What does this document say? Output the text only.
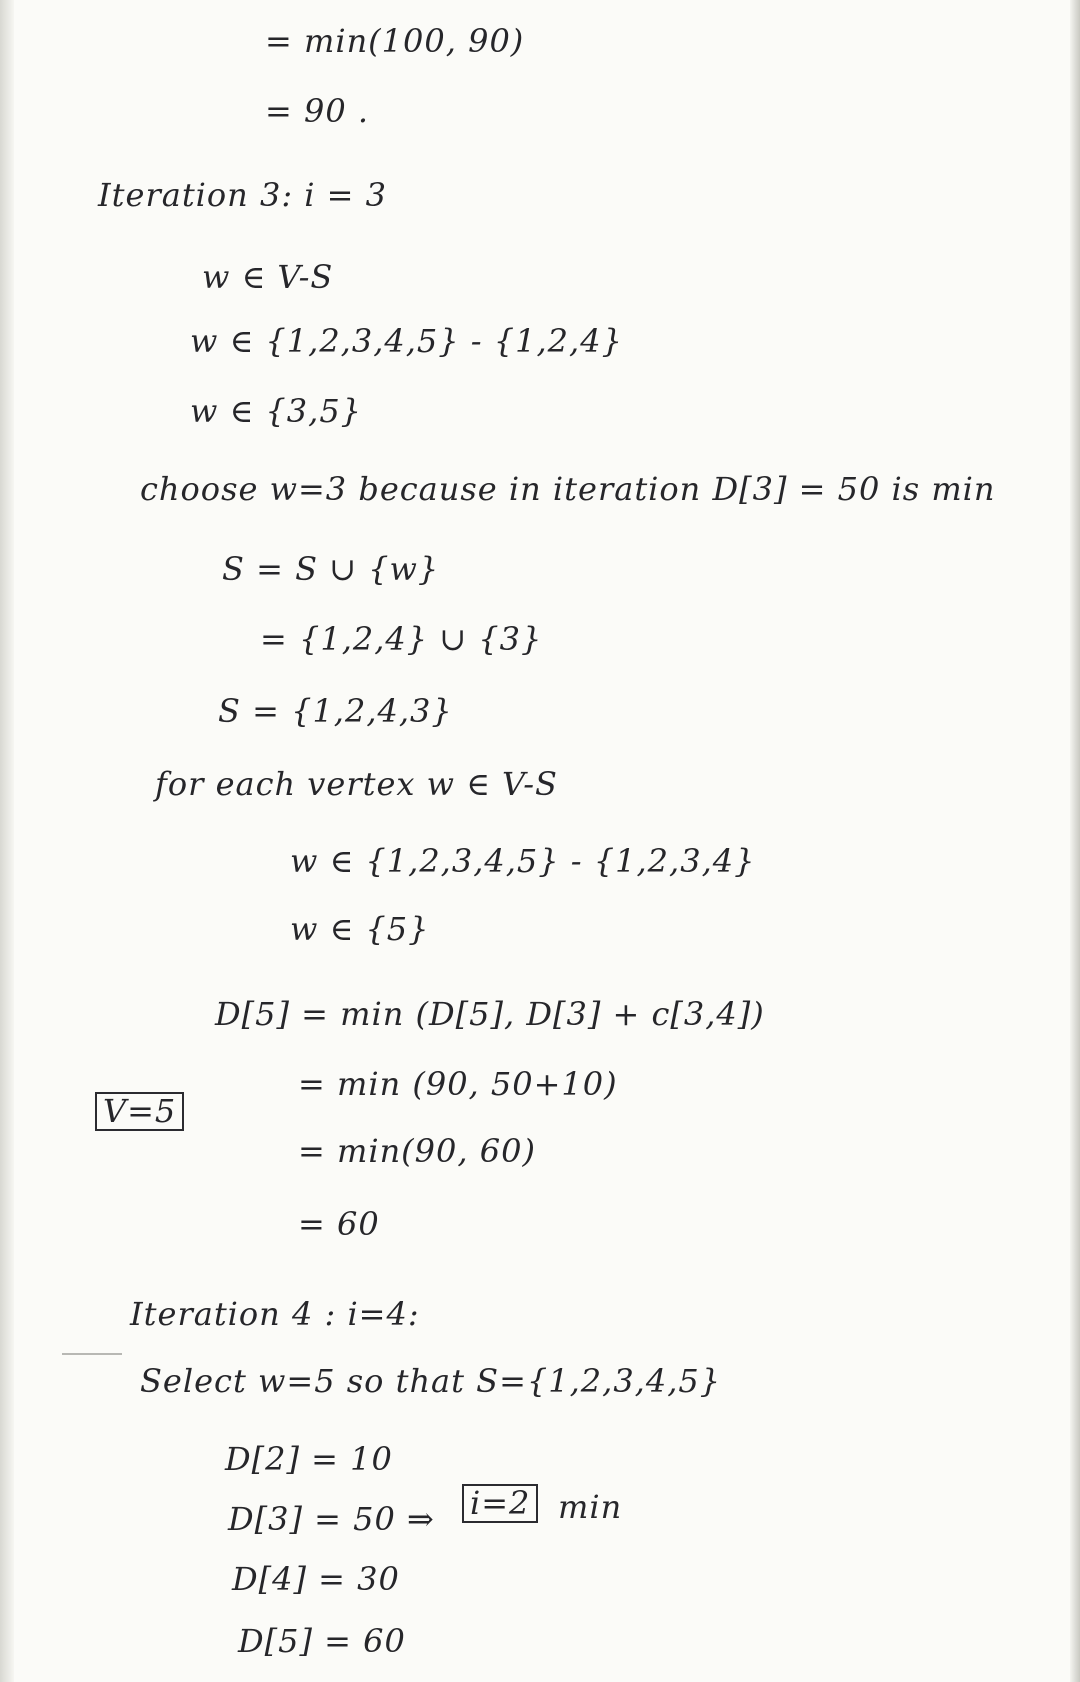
= min(100, 90)
= 90 .
Iteration 3: i = 3
w ∈ V-S
w ∈ {1,2,3,4,5} - {1,2,4}
w ∈ {3,5}
choose w=3 because in iteration D[3] = 50 is min
S = S ∪ {w}
= {1,2,4} ∪ {3}
S = {1,2,4,3}
for each vertex w ∈ V-S
w ∈ {1,2,3,4,5} - {1,2,3,4}
w ∈ {5}
D[5] = min (D[5], D[3] + c[3,4])
V=5
= min (90, 50+10)
= min(90, 60)
= 60
Iteration 4 : i=4:
Select w=5 so that S={1,2,3,4,5}
D[2] = 10
D[3] = 50 ⇒ i=2 min
D[4] = 30
D[5] = 60
